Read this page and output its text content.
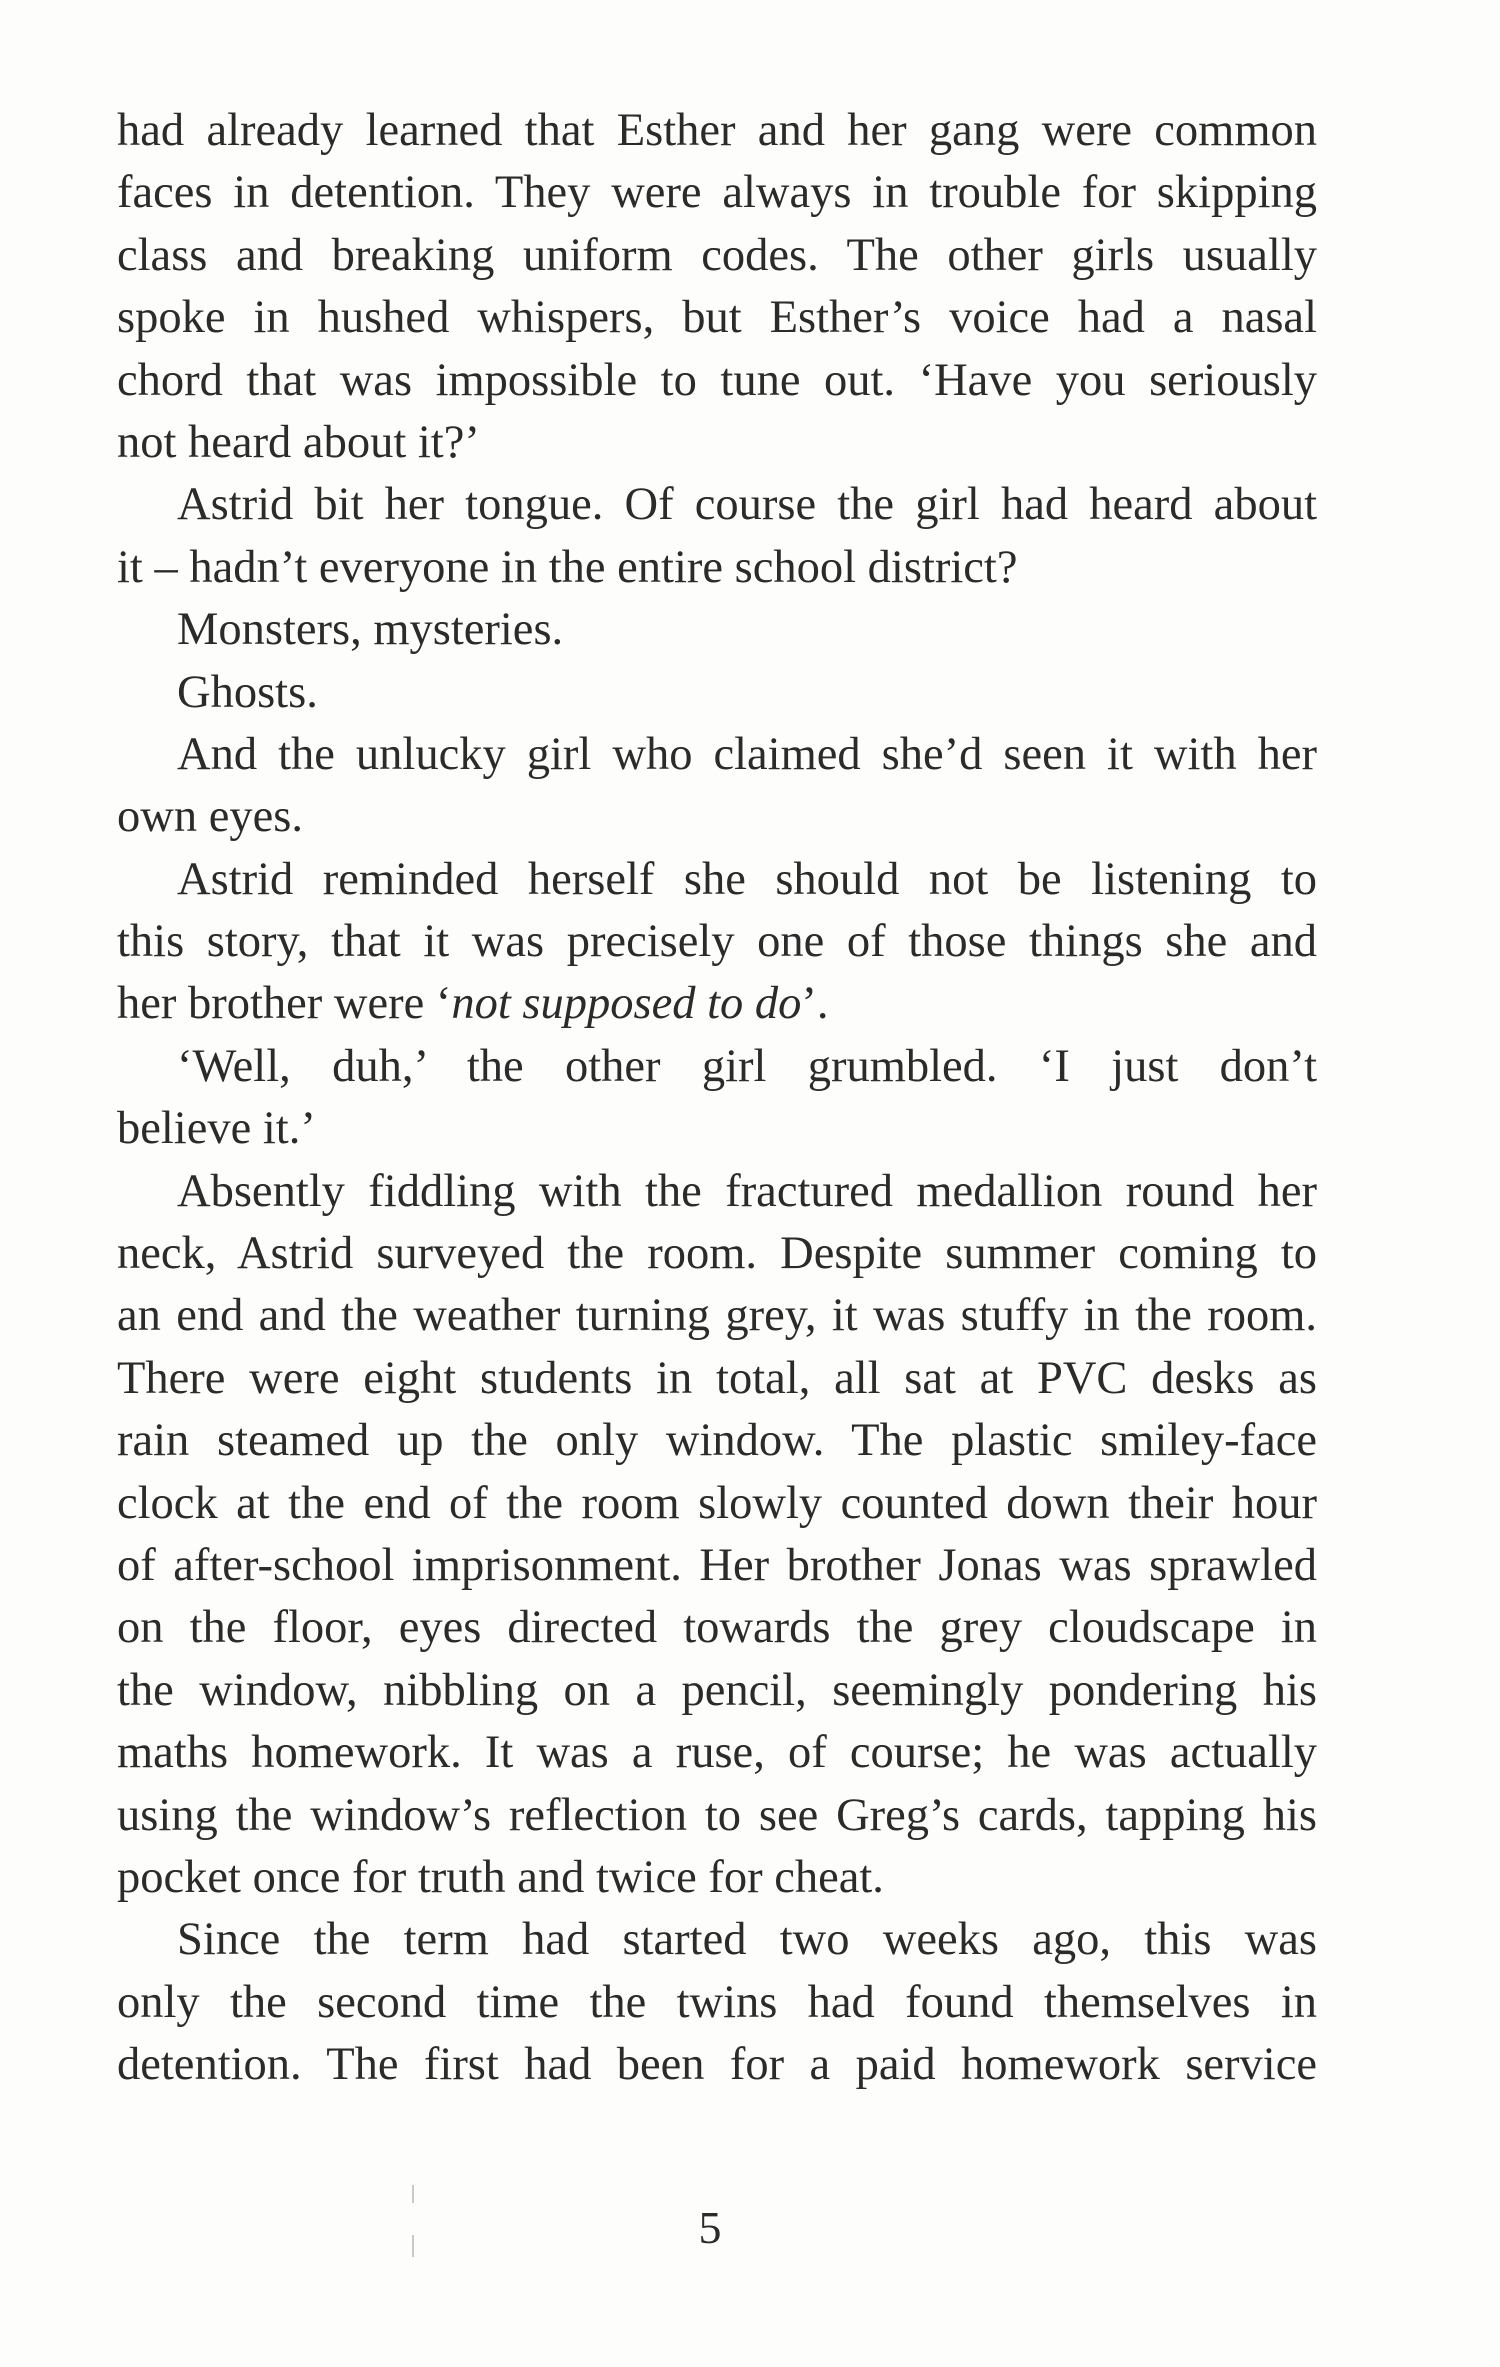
had already learned that Esther and her gang were common
faces in detention. They were always in trouble for skipping
class and breaking uniform codes. The other girls usually
spoke in hushed whispers, but Esther’s voice had a nasal
chord that was impossible to tune out. ‘Have you seriously
not heard about it?’
Astrid bit her tongue. Of course the girl had heard about
it – hadn’t everyone in the entire school district?
Monsters, mysteries.
Ghosts.
And the unlucky girl who claimed she’d seen it with her
own eyes.
Astrid reminded herself she should not be listening to
this story, that it was precisely one of those things she and
her brother were ‘not supposed to do’.
‘Well, duh,’ the other girl grumbled. ‘I just don’t
believe it.’
Absently fiddling with the fractured medallion round her
neck, Astrid surveyed the room. Despite summer coming to
an end and the weather turning grey, it was stuffy in the room.
There were eight students in total, all sat at PVC desks as
rain steamed up the only window. The plastic smiley-face
clock at the end of the room slowly counted down their hour
of after-school imprisonment. Her brother Jonas was sprawled
on the floor, eyes directed towards the grey cloudscape in
the window, nibbling on a pencil, seemingly pondering his
maths homework. It was a ruse, of course; he was actually
using the window’s reflection to see Greg’s cards, tapping his
pocket once for truth and twice for cheat.
Since the term had started two weeks ago, this was
only the second time the twins had found themselves in
detention. The first had been for a paid homework service
5
